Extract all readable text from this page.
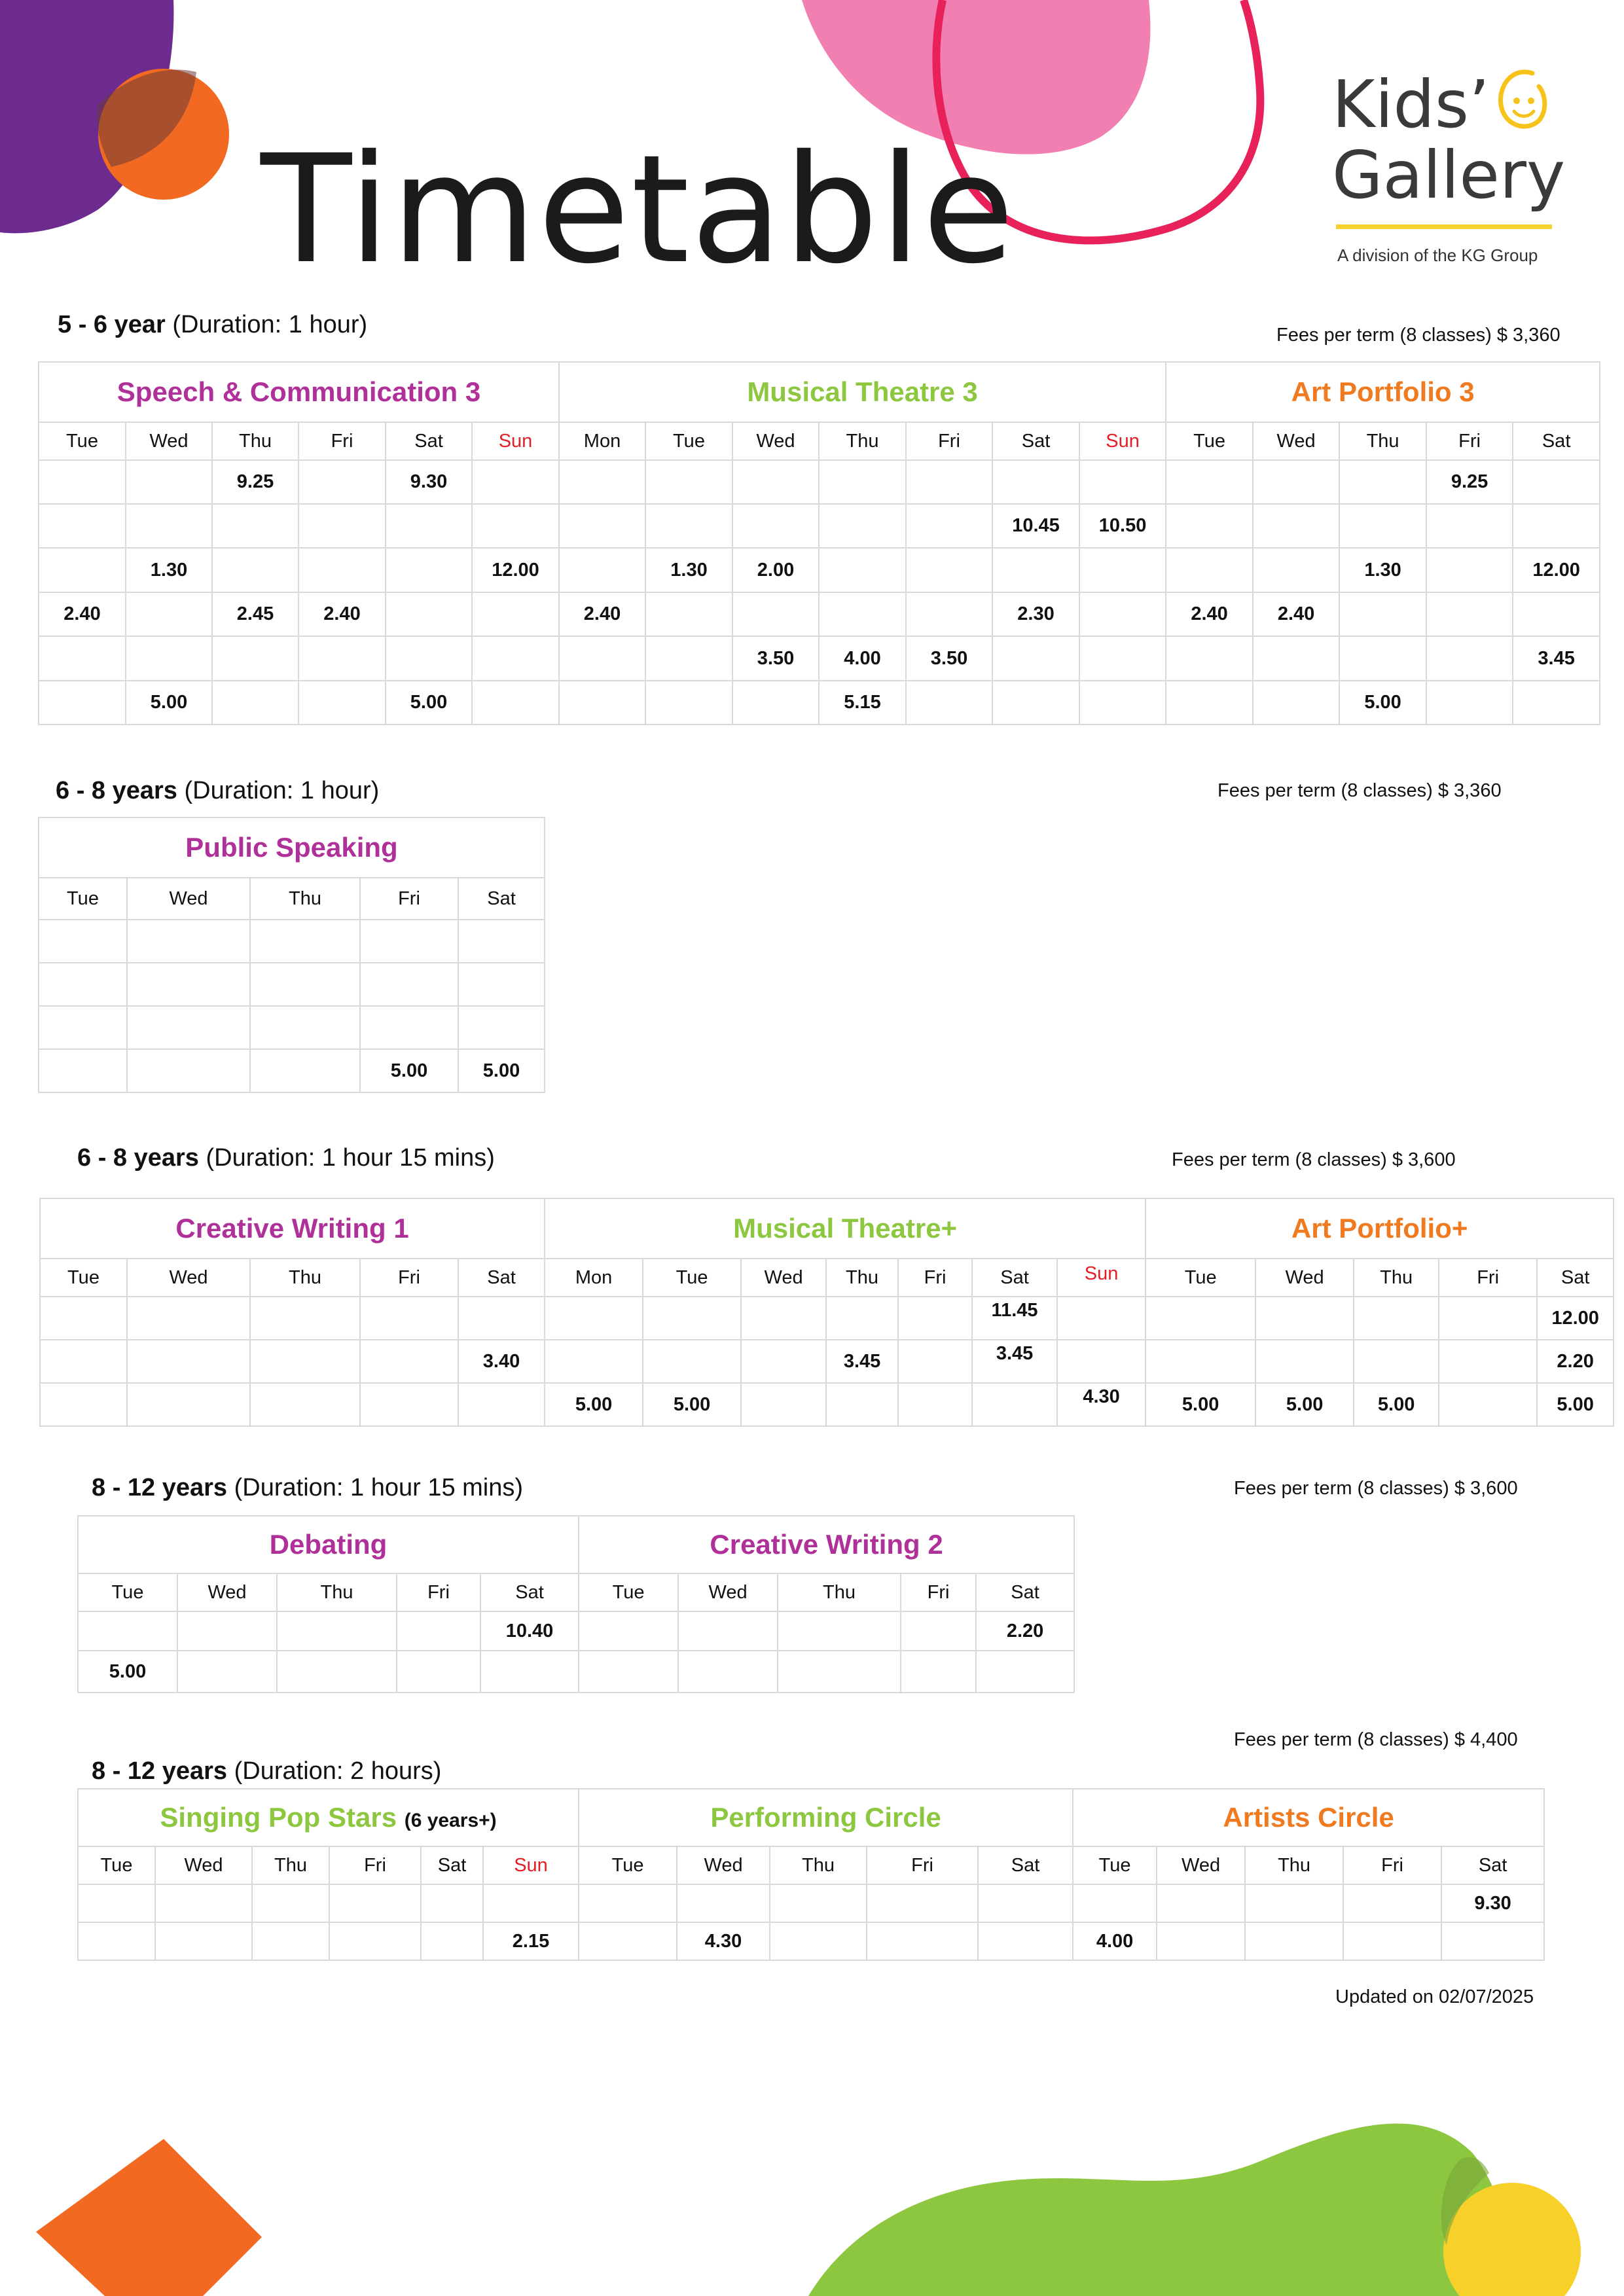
Timetable
Kids’
Gallery
A division of the KG Group
5 - 6 year (Duration: 1 hour)	Fees per term (8 classes) $ 3,360
Speech & Communication 3						Musical Theatre 3							Art Portfolio 3				
Tue	Wed	Thu	Fri	Sat	Sun	Mon	Tue	Wed	Thu	Fri	Sat	Sun	Tue	Wed	Thu	Fri	Sat
		9.25		9.30												9.25	
											10.45	10.50					
	1.30				12.00		1.30	2.00							1.30		12.00
2.40		2.45	2.40			2.40					2.30		2.40	2.40			
								3.50	4.00	3.50							3.45
	5.00			5.00					5.15						5.00		
6 - 8 years (Duration: 1 hour)	Fees per term (8 classes) $ 3,360
Public Speaking				
Tue	Wed	Thu	Fri	Sat

			5.00	5.00
6 - 8 years (Duration: 1 hour 15 mins)	Fees per term (8 classes) $ 3,600
Creative Writing 1					Musical Theatre+							Art Portfolio+				
Tue	Wed	Thu	Fri	Sat	Mon	Tue	Wed	Thu	Fri	Sat	Sun	Tue	Wed	Thu	Fri	Sat
										11.45						12.00
				3.40				3.45		3.45						2.20
					5.00	5.00					4.30	5.00	5.00	5.00		5.00
8 - 12 years (Duration: 1 hour 15 mins)	Fees per term (8 classes) $ 3,600
Debating					Creative Writing 2				
Tue	Wed	Thu	Fri	Sat	Tue	Wed	Thu	Fri	Sat
				10.40					2.20
5.00									
Fees per term (8 classes) $ 4,400
8 - 12 years (Duration: 2 hours)
Singing Pop Stars (6 years+)						Performing Circle					Artists Circle				
Tue	Wed	Thu	Fri	Sat	Sun	Tue	Wed	Thu	Fri	Sat	Tue	Wed	Thu	Fri	Sat
															9.30
					2.15		4.30				4.00				
Updated on 02/07/2025
